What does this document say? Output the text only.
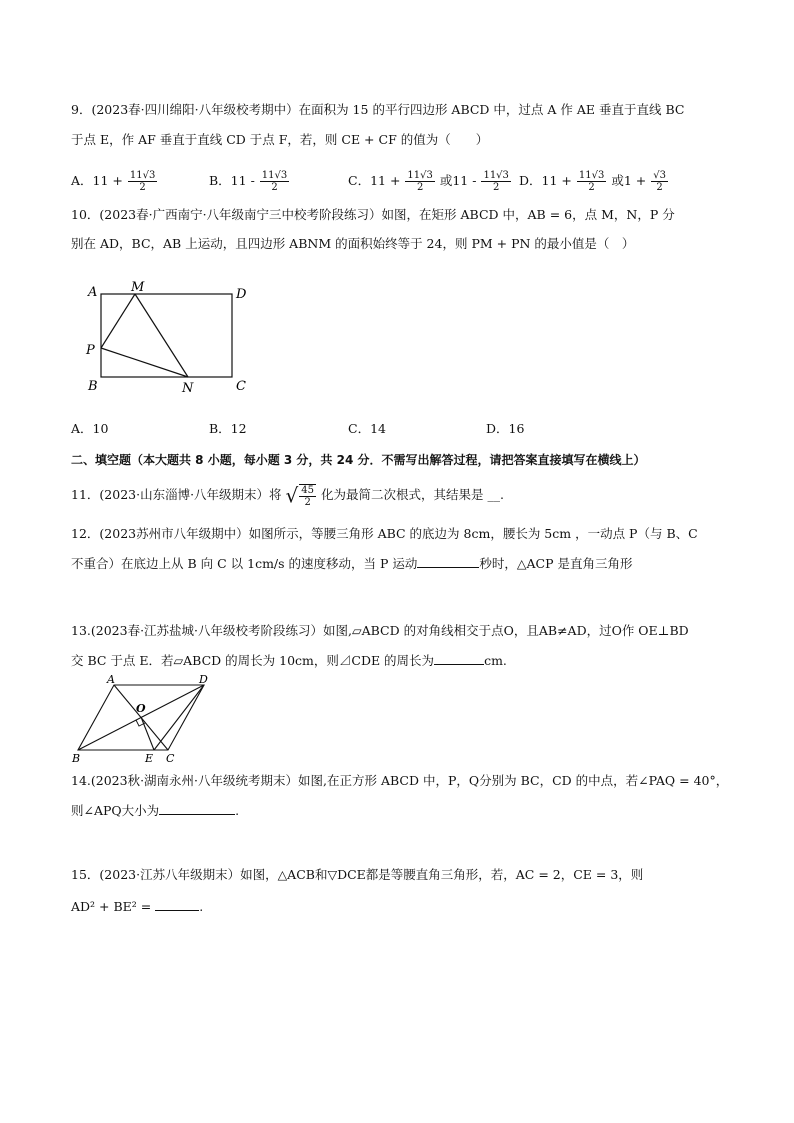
9．(2023春·四川绵阳·八年级校考期中）在面积为 15 的平行四边形 ABCD 中，过点 A 作 AE 垂直于直线 BC
于点 E，作 AF 垂直于直线 CD 于点 F，若，则 CE + CF 的值为（　　）
A．$11 + \frac{11√3}{2}$	B．$11 - \frac{11√3}{2}$	C．$11 + \frac{11√3}{2}$ 或$11 - \frac{11√3}{2}$ D．$11 + \frac{11√3}{2}$ 或$1 + \frac{√3}{2}$
10．(2023春·广西南宁·八年级南宁三中校考阶段练习）如图，在矩形 ABCD 中，AB = 6，点 M，N，P 分
别在 AD，BC，AB 上运动，且四边形 ABNM 的面积始终等于 24，则 PM + PN 的最小值是（　）
A	M	D
P
B	N	C
A．10	B．12	C．14	D．16
二、填空题（本大题共 8 小题，每小题 3 分，共 24 分．不需写出解答过程，请把答案直接填写在横线上）
11．(2023·山东淄博·八年级期末）将 √ $\frac{45}{2}$ 化为最简二次根式，其结果是 __.
12．(2023苏州市八年级期中）如图所示，等腰三角形 ABC 的底边为 8cm，腰长为 5cm ，一动点 P（与 B、C
不重合）在底边上从 B 向 C 以 1cm/s 的速度移动，当 P 运动	秒时，△ACP 是直角三角形
13.(2023春·江苏盐城·八年级校考阶段练习）如图,▱ABCD 的对角线相交于点O，且AB≠AD，过O作 OE⊥BD
交 BC 于点 E．若▱ABCD 的周长为 10cm，则⊿CDE 的周长为	cm.
A	D
O
B	E C
14.(2023秋·湖南永州·八年级统考期末）如图,在正方形 ABCD 中，P，Q分别为 BC，CD 的中点，若∠PAQ = 40°，
则∠APQ大小为	.
15．(2023·江苏八年级期末）如图，△ACB和▽DCE都是等腰直角三角形，若，AC = 2，CE = 3，则
AD² + BE² =	.
